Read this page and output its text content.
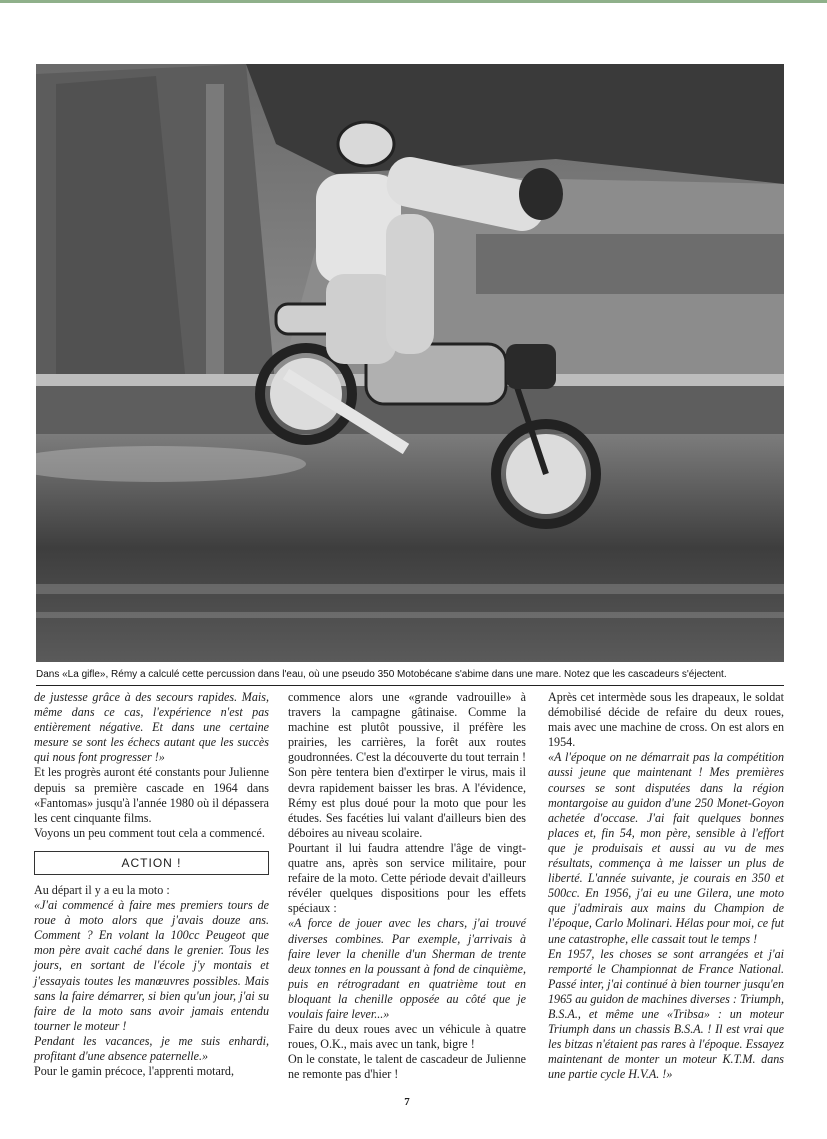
Dans «La gifle», Rémy a calculé cette percussion dans l'eau, où une pseudo 350 Motobécane s'abime dans une mare. Notez que les cascadeurs s'éjectent.

de justesse grâce à des secours rapides. Mais, même dans ce cas, l'expérience n'est pas entièrement négative. Et dans une certaine mesure se sont les échecs autant que les succès qui nous font progresser !»

Et les progrès auront été constants pour Julienne depuis sa première cascade en 1964 dans «Fantomas» jusqu'à l'année 1980 où il dépassera les cent cinquante films.

Voyons un peu comment tout cela a commencé.

ACTION !

Au départ il y a eu la moto :

«J'ai commencé à faire mes premiers tours de roue à moto alors que j'avais douze ans. Comment ? En volant la 100cc Peugeot que mon père avait caché dans le grenier. Tous les jours, en sortant de l'école j'y montais et j'essayais toutes les manœuvres possibles. Mais sans la faire démarrer, si bien qu'un jour, j'ai su faire de la moto sans avoir jamais entendu tourner le moteur !

Pendant les vacances, je me suis enhardi, profitant d'une absence paternelle.»

Pour le gamin précoce, l'apprenti motard,

commence alors une «grande vadrouille» à travers la campagne gâtinaise. Comme la machine est plutôt poussive, il préfère les prairies, les carrières, la forêt aux routes goudronnées. C'est la découverte du tout terrain ! Son père tentera bien d'extirper le virus, mais il devra rapidement baisser les bras. A l'évidence, Rémy est plus doué pour la moto que pour les études. Ses facéties lui valant d'ailleurs bien des déboires au niveau scolaire.

Pourtant il lui faudra attendre l'âge de vingt-quatre ans, après son service militaire, pour refaire de la moto. Cette période devait d'ailleurs révéler quelques dispositions pour les effets spéciaux :

«A force de jouer avec les chars, j'ai trouvé diverses combines. Par exemple, j'arrivais à faire lever la chenille d'un Sherman de trente deux tonnes en la poussant à fond de cinquième, puis en rétrogradant en quatrième tout en bloquant la chenille opposée au côté que je voulais faire lever...»

Faire du deux roues avec un véhicule à quatre roues, O.K., mais avec un tank, bigre !

On le constate, le talent de cascadeur de Julienne ne remonte pas d'hier !

Après cet intermède sous les drapeaux, le soldat démobilisé décide de refaire du deux roues, mais avec une machine de cross. On est alors en 1954.

«A l'époque on ne démarrait pas la compétition aussi jeune que maintenant ! Mes premières courses se sont disputées dans la région montargoise au guidon d'une 250 Monet-Goyon achetée d'occase. J'ai fait quelques bonnes places et, fin 54, mon père, sensible à l'effort que je produisais et aussi au vu de mes résultats, commença à me laisser un plus de liberté. L'année suivante, je courais en 350 et 500cc. En 1956, j'ai eu une Gilera, une moto que j'admirais aux mains du Champion de l'époque, Carlo Molinari. Hélas pour moi, ce fut une catastrophe, elle cassait tout le temps !

En 1957, les choses se sont arrangées et j'ai remporté le Championnat de France National. Passé inter, j'ai continué à bien tourner jusqu'en 1965 au guidon de machines diverses : Triumph, B.S.A., et même une «Tribsa» : un moteur Triumph dans un chassis B.S.A. ! Il est vrai que les bitzas n'étaient pas rares à l'époque. Essayez maintenant de monter un moteur K.T.M. dans une partie cycle H.V.A. !»

7
